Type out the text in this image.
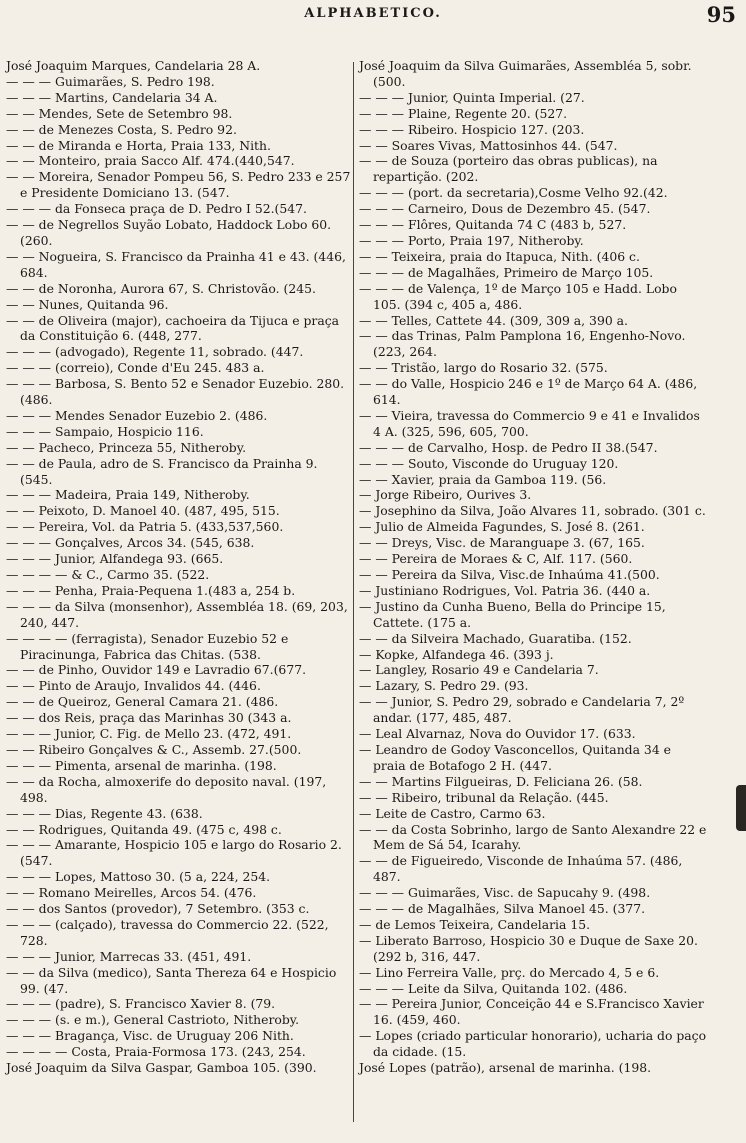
ALPHABETICO.	95

José Joaquim Marques, Candelaria 28 A.

— — — Guimarães, S. Pedro 198.

— — — Martins, Candelaria 34 A.

— — Mendes, Sete de Setembro 98.

— — de Menezes Costa, S. Pedro 92.

— — de Miranda e Horta, Praia 133, Nith.

— — Monteiro, praia Sacco Alf. 474.(440,547.

— — Moreira, Senador Pompeu 56, S. Pedro 233 e 257 e Presidente Domiciano 13. (547.

— — — da Fonseca praça de D. Pedro I 52.(547.

— — de Negrellos Suyão Lobato, Haddock Lobo 60. (260.

— — Nogueira, S. Francisco da Prainha 41 e 43. (446, 684.

— — de Noronha, Aurora 67, S. Christovão. (245.

— — Nunes, Quitanda 96.

— — de Oliveira (major), cachoeira da Tijuca e praça da Constituição 6. (448, 277.

— — — (advogado), Regente 11, sobrado. (447.

— — — (correio), Conde d'Eu 245. 483 a.

— — — Barbosa, S. Bento 52 e Senador Euzebio. 280. (486.

— — — Mendes Senador Euzebio 2. (486.

— — — Sampaio, Hospicio 116.

— — Pacheco, Princeza 55, Nitheroby.

— — de Paula, adro de S. Francisco da Prainha 9. (545.

— — — Madeira, Praia 149, Nitheroby.

— — Peixoto, D. Manoel 40. (487, 495, 515.

— — Pereira, Vol. da Patria 5. (433,537,560.

— — — Gonçalves, Arcos 34. (545, 638.

— — — Junior, Alfandega 93. (665.

— — — — & C., Carmo 35. (522.

— — — Penha, Praia-Pequena 1.(483 a, 254 b.

— — — da Silva (monsenhor), Assembléa 18. (69, 203, 240, 447.

— — — — (ferragista), Senador Euzebio 52 e Piracinunga, Fabrica das Chitas. (538.

— — de Pinho, Ouvidor 149 e Lavradio 67.(677.

— — Pinto de Araujo, Invalidos 44. (446.

— — de Queiroz, General Camara 21. (486.

— — dos Reis, praça das Marinhas 30 (343 a.

— — — Junior, C. Fig. de Mello 23. (472, 491.

— — Ribeiro Gonçalves & C., Assemb. 27.(500.

— — — Pimenta, arsenal de marinha. (198.

— — da Rocha, almoxerife do deposito naval. (197, 498.

— — — Dias, Regente 43. (638.

— — Rodrigues, Quitanda 49. (475 c, 498 c.

— — — Amarante, Hospicio 105 e largo do Rosario 2. (547.

— — — Lopes, Mattoso 30. (5 a, 224, 254.

— — Romano Meirelles, Arcos 54. (476.

— — dos Santos (provedor), 7 Setembro. (353 c.

— — — (calçado), travessa do Commercio 22. (522, 728.

— — — Junior, Marrecas 33. (451, 491.

— — da Silva (medico), Santa Thereza 64 e Hospicio 99. (47.

— — — (padre), S. Francisco Xavier 8. (79.

— — — (s. e m.), General Castrioto, Nitheroby.

— — — Bragança, Visc. de Uruguay 206 Nith.

— — — — Costa, Praia-Formosa 173. (243, 254.

José Joaquim da Silva Gaspar, Gamboa 105. (390.

José Joaquim da Silva Guimarães, Assembléa 5, sobr. (500.

— — — Junior, Quinta Imperial. (27.

— — — Plaine, Regente 20. (527.

— — — Ribeiro. Hospicio 127. (203.

— — Soares Vivas, Mattosinhos 44. (547.

— — de Souza (porteiro das obras publicas), na repartição. (202.

— — — (port. da secretaria),Cosme Velho 92.(42.

— — — Carneiro, Dous de Dezembro 45. (547.

— — — Flôres, Quitanda 74 C (483 b, 527.

— — — Porto, Praia 197, Nitheroby.

— — Teixeira, praia do Itapuca, Nith. (406 c.

— — — de Magalhães, Primeiro de Março 105.

— — — de Valença, 1º de Março 105 e Hadd. Lobo 105. (394 c, 405 a, 486.

— — Telles, Cattete 44. (309, 309 a, 390 a.

— — das Trinas, Palm Pamplona 16, Engenho-Novo. (223, 264.

— — Tristão, largo do Rosario 32. (575.

— — do Valle, Hospicio 246 e 1º de Março 64 A. (486, 614.

— — Vieira, travessa do Commercio 9 e 41 e Invalidos 4 A. (325, 596, 605, 700.

— — — de Carvalho, Hosp. de Pedro II 38.(547.

— — — Souto, Visconde do Uruguay 120.

— — Xavier, praia da Gamboa 119. (56.

— Jorge Ribeiro, Ourives 3.

— Josephino da Silva, João Alvares 11, sobrado. (301 c.

— Julio de Almeida Fagundes, S. José 8. (261.

— — Dreys, Visc. de Maranguape 3. (67, 165.

— — Pereira de Moraes & C, Alf. 117. (560.

— — Pereira da Silva, Visc.de Inhaúma 41.(500.

— Justiniano Rodrigues, Vol. Patria 36. (440 a.

— Justino da Cunha Bueno, Bella do Principe 15, Cattete. (175 a.

— — da Silveira Machado, Guaratiba. (152.

— Kopke, Alfandega 46. (393 j.

— Langley, Rosario 49 e Candelaria 7.

— Lazary, S. Pedro 29. (93.

— — Junior, S. Pedro 29, sobrado e Candelaria 7, 2º andar. (177, 485, 487.

— Leal Alvarnaz, Nova do Ouvidor 17. (633.

— Leandro de Godoy Vasconcellos, Quitanda 34 e praia de Botafogo 2 H. (447.

— — Martins Filgueiras, D. Feliciana 26. (58.

— — Ribeiro, tribunal da Relação. (445.

— Leite de Castro, Carmo 63.

— — da Costa Sobrinho, largo de Santo Alexandre 22 e Mem de Sá 54, Icarahy.

— — de Figueiredo, Visconde de Inhaúma 57. (486, 487.

— — — Guimarães, Visc. de Sapucahy 9. (498.

— — — de Magalhães, Silva Manoel 45. (377.

— de Lemos Teixeira, Candelaria 15.

— Liberato Barroso, Hospicio 30 e Duque de Saxe 20. (292 b, 316, 447.

— Lino Ferreira Valle, prç. do Mercado 4, 5 e 6.

— — — Leite da Silva, Quitanda 102. (486.

— — Pereira Junior, Conceição 44 e S.Francisco Xavier 16. (459, 460.

— Lopes (criado particular honorario), ucharia do paço da cidade. (15.

José Lopes (patrão), arsenal de marinha. (198.
